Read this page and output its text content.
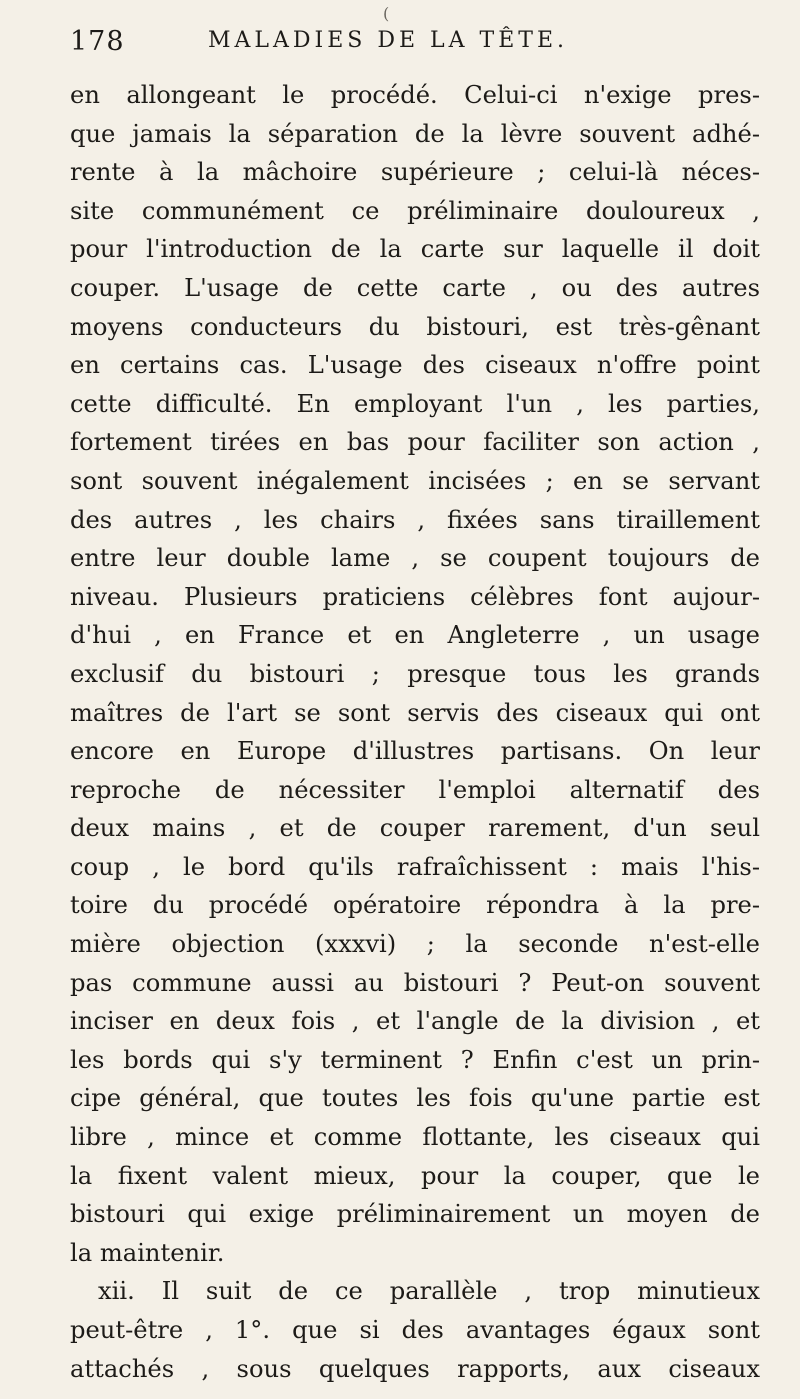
(
178	MALADIES DE LA TÊTE.
en allongeant le procédé. Celui-ci n'exige pres-
que jamais la séparation de la lèvre souvent adhé-
rente à la mâchoire supérieure ; celui-là néces-
site communément ce préliminaire douloureux ,
pour l'introduction de la carte sur laquelle il doit
couper. L'usage de cette carte , ou des autres
moyens conducteurs du bistouri, est très-gênant
en certains cas. L'usage des ciseaux n'offre point
cette difficulté. En employant l'un , les parties,
fortement tirées en bas pour faciliter son action ,
sont souvent inégalement incisées ; en se servant
des autres , les chairs , fixées sans tiraillement
entre leur double lame , se coupent toujours de
niveau. Plusieurs praticiens célèbres font aujour-
d'hui , en France et en Angleterre , un usage
exclusif du bistouri ; presque tous les grands
maîtres de l'art se sont servis des ciseaux qui ont
encore en Europe d'illustres partisans. On leur
reproche de nécessiter l'emploi alternatif des
deux mains , et de couper rarement, d'un seul
coup , le bord qu'ils rafraîchissent : mais l'his-
toire du procédé opératoire répondra à la pre-
mière objection (xxxvi) ; la seconde n'est-elle
pas commune aussi au bistouri ? Peut-on souvent
inciser en deux fois , et l'angle de la division , et
les bords qui s'y terminent ? Enfin c'est un prin-
cipe général, que toutes les fois qu'une partie est
libre , mince et comme flottante, les ciseaux qui
la fixent valent mieux, pour la couper, que le
bistouri qui exige préliminairement un moyen de
la maintenir.
xii. Il suit de ce parallèle , trop minutieux
peut-être , 1°. que si des avantages égaux sont
attachés , sous quelques rapports, aux ciseaux
